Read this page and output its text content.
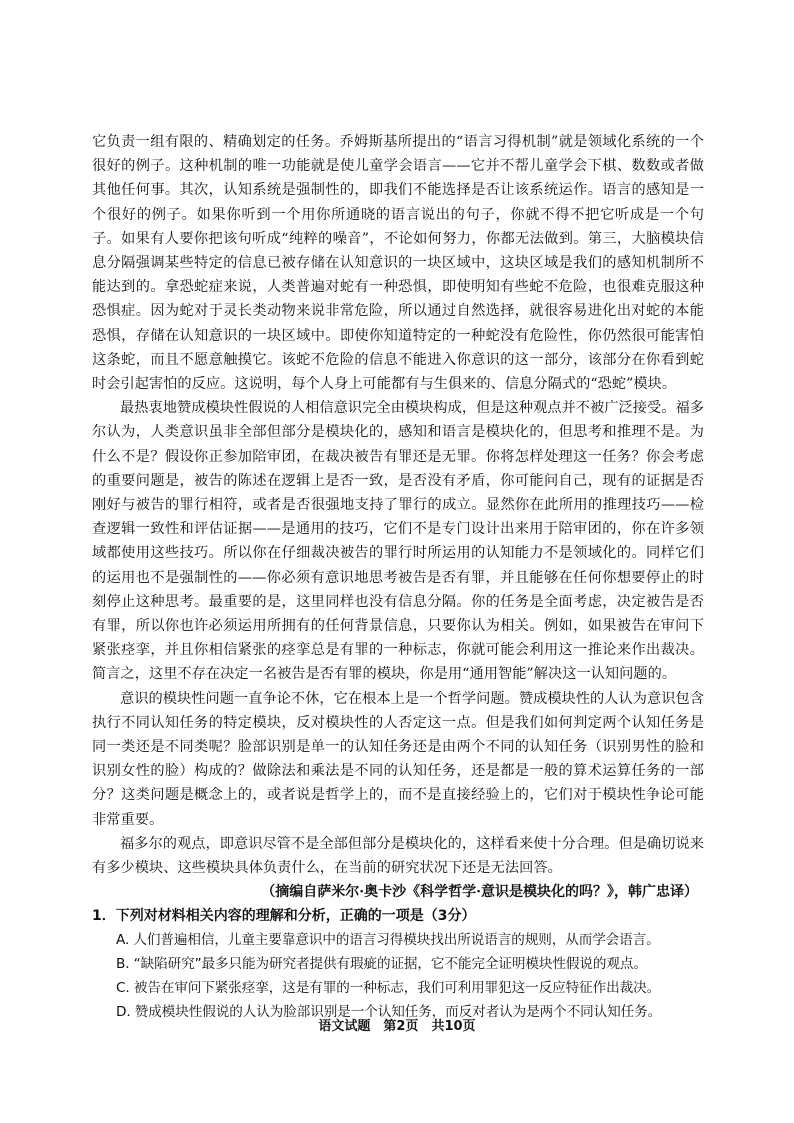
它负责一组有限的、精确划定的任务。乔姆斯基所提出的“语言习得机制”就是领域化系统的一个很好的例子。这种机制的唯一功能就是使儿童学会语言——它并不帮儿童学会下棋、数数或者做其他任何事。其次，认知系统是强制性的，即我们不能选择是否让该系统运作。语言的感知是一个很好的例子。如果你听到一个用你所通晓的语言说出的句子，你就不得不把它听成是一个句子。如果有人要你把该句听成“纯粹的噪音”，不论如何努力，你都无法做到。第三，大脑模块信息分隔强调某些特定的信息已被存储在认知意识的一块区域中，这块区域是我们的感知机制所不能达到的。拿恐蛇症来说，人类普遍对蛇有一种恐惧，即使明知有些蛇不危险，也很难克服这种恐惧症。因为蛇对于灵长类动物来说非常危险，所以通过自然选择，就很容易进化出对蛇的本能恐惧，存储在认知意识的一块区域中。即使你知道特定的一种蛇没有危险性，你仍然很可能害怕这条蛇，而且不愿意触摸它。该蛇不危险的信息不能进入你意识的这一部分，该部分在你看到蛇时会引起害怕的反应。这说明，每个人身上可能都有与生俱来的、信息分隔式的“恐蛇”模块。

最热衷地赞成模块性假说的人相信意识完全由模块构成，但是这种观点并不被广泛接受。福多尔认为，人类意识虽非全部但部分是模块化的，感知和语言是模块化的，但思考和推理不是。为什么不是？假设你正参加陪审团，在裁决被告有罪还是无罪。你将怎样处理这一任务？你会考虑的重要问题是，被告的陈述在逻辑上是否一致，是否没有矛盾，你可能问自己，现有的证据是否刚好与被告的罪行相符，或者是否很强地支持了罪行的成立。显然你在此所用的推理技巧——检查逻辑一致性和评估证据——是通用的技巧，它们不是专门设计出来用于陪审团的，你在许多领域都使用这些技巧。所以你在仔细裁决被告的罪行时所运用的认知能力不是领域化的。同样它们的运用也不是强制性的——你必须有意识地思考被告是否有罪，并且能够在任何你想要停止的时刻停止这种思考。最重要的是，这里同样也没有信息分隔。你的任务是全面考虑，决定被告是否有罪，所以你也许必须运用所拥有的任何背景信息，只要你认为相关。例如，如果被告在审问下紧张痉挛，并且你相信紧张的痉挛总是有罪的一种标志，你就可能会利用这一推论来作出裁决。简言之，这里不存在决定一名被告是否有罪的模块，你是用“通用智能”解决这一认知问题的。

意识的模块性问题一直争论不休，它在根本上是一个哲学问题。赞成模块性的人认为意识包含执行不同认知任务的特定模块，反对模块性的人否定这一点。但是我们如何判定两个认知任务是同一类还是不同类呢？脸部识别是单一的认知任务还是由两个不同的认知任务（识别男性的脸和识别女性的脸）构成的？做除法和乘法是不同的认知任务，还是都是一般的算术运算任务的一部分？这类问题是概念上的，或者说是哲学上的，而不是直接经验上的，它们对于模块性争论可能非常重要。

福多尔的观点，即意识尽管不是全部但部分是模块化的，这样看来使十分合理。但是确切说来有多少模块、这些模块具体负责什么，在当前的研究状况下还是无法回答。

（摘编自萨米尔·奥卡沙《科学哲学·意识是模块化的吗？》，韩广忠译）

1．下列对材料相关内容的理解和分析，正确的一项是（3分）

A. 人们普遍相信，儿童主要靠意识中的语言习得模块找出所说语言的规则，从而学会语言。
B. “缺陷研究”最多只能为研究者提供有瑕疵的证据，它不能完全证明模块性假说的观点。
C. 被告在审问下紧张痉挛，这是有罪的一种标志，我们可利用罪犯这一反应特征作出裁决。
D. 赞成模块性假说的人认为脸部识别是一个认知任务，而反对者认为是两个不同认知任务。
语文试题　第2页　共10页
